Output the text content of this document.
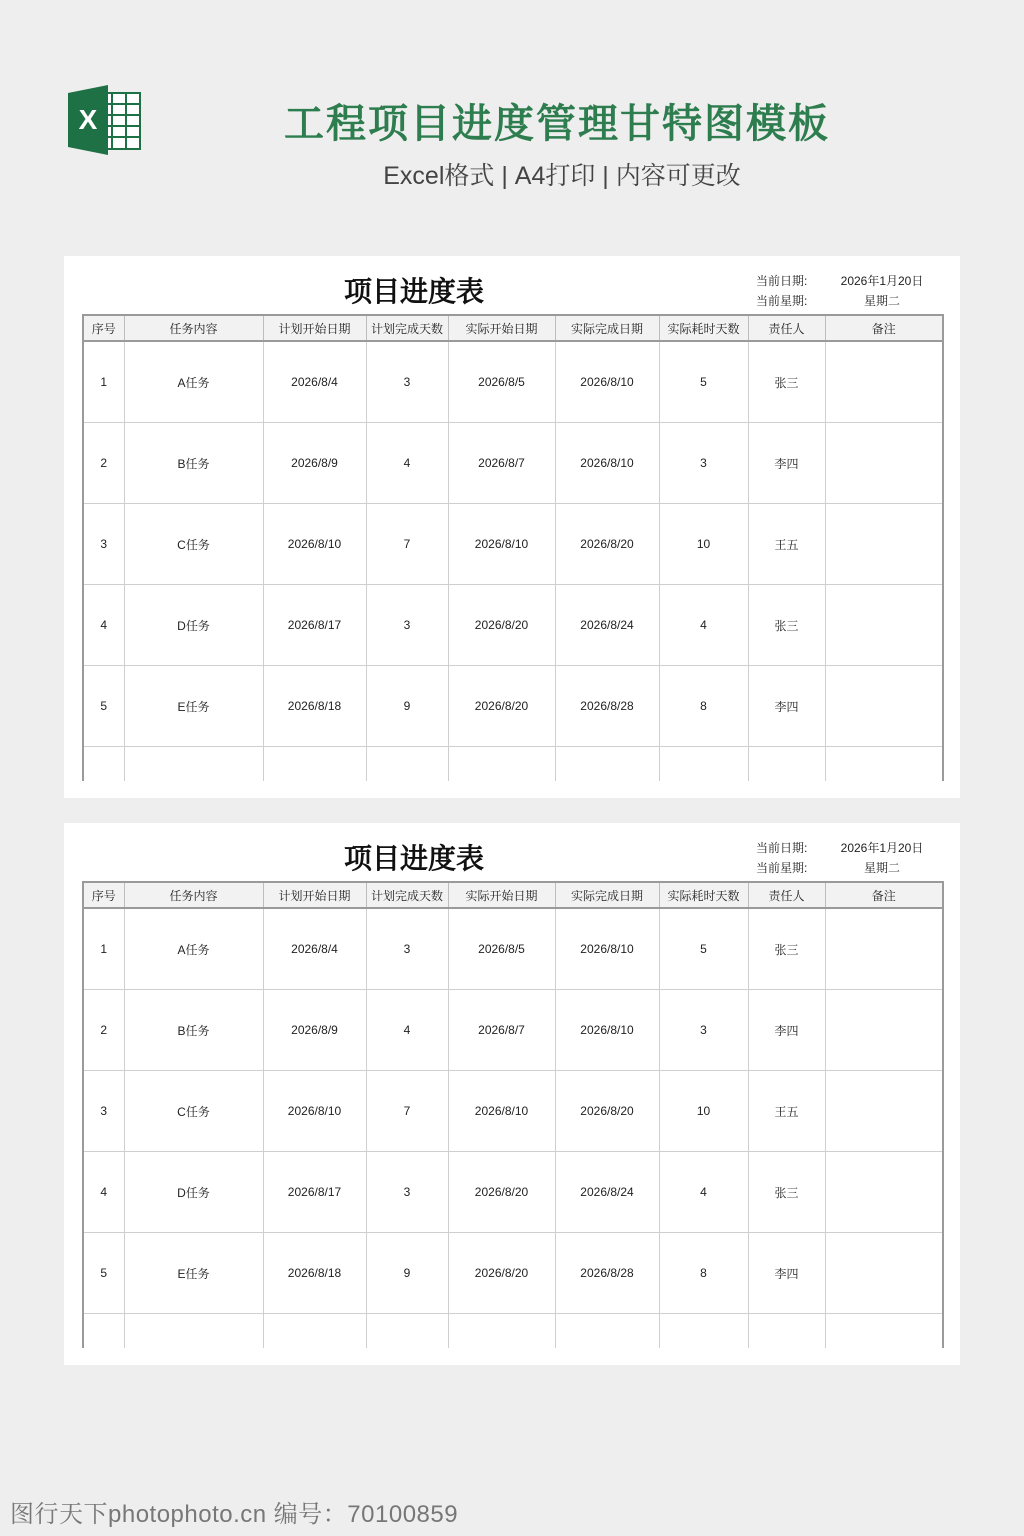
X	工程项目进度管理甘特图模板
Excel格式 | A4打印 | 内容可更改
项目进度表	当前日期:	2026年1月20日
当前星期:	星期二
序号	任务内容	计划开始日期	计划完成天数	实际开始日期	实际完成日期	实际耗时天数	责任人	备注
1	A任务	2026/8/4	3	2026/8/5	2026/8/10	5	张三	
2	B任务	2026/8/9	4	2026/8/7	2026/8/10	3	李四	
3	C任务	2026/8/10	7	2026/8/10	2026/8/20	10	王五	
4	D任务	2026/8/17	3	2026/8/20	2026/8/24	4	张三	
5	E任务	2026/8/18	9	2026/8/20	2026/8/28	8	李四	

项目进度表	当前日期:	2026年1月20日
当前星期:	星期二
序号	任务内容	计划开始日期	计划完成天数	实际开始日期	实际完成日期	实际耗时天数	责任人	备注
1	A任务	2026/8/4	3	2026/8/5	2026/8/10	5	张三	
2	B任务	2026/8/9	4	2026/8/7	2026/8/10	3	李四	
3	C任务	2026/8/10	7	2026/8/10	2026/8/20	10	王五	
4	D任务	2026/8/17	3	2026/8/20	2026/8/24	4	张三	
5	E任务	2026/8/18	9	2026/8/20	2026/8/28	8	李四	

图行天下photophoto.cn 编号：70100859
